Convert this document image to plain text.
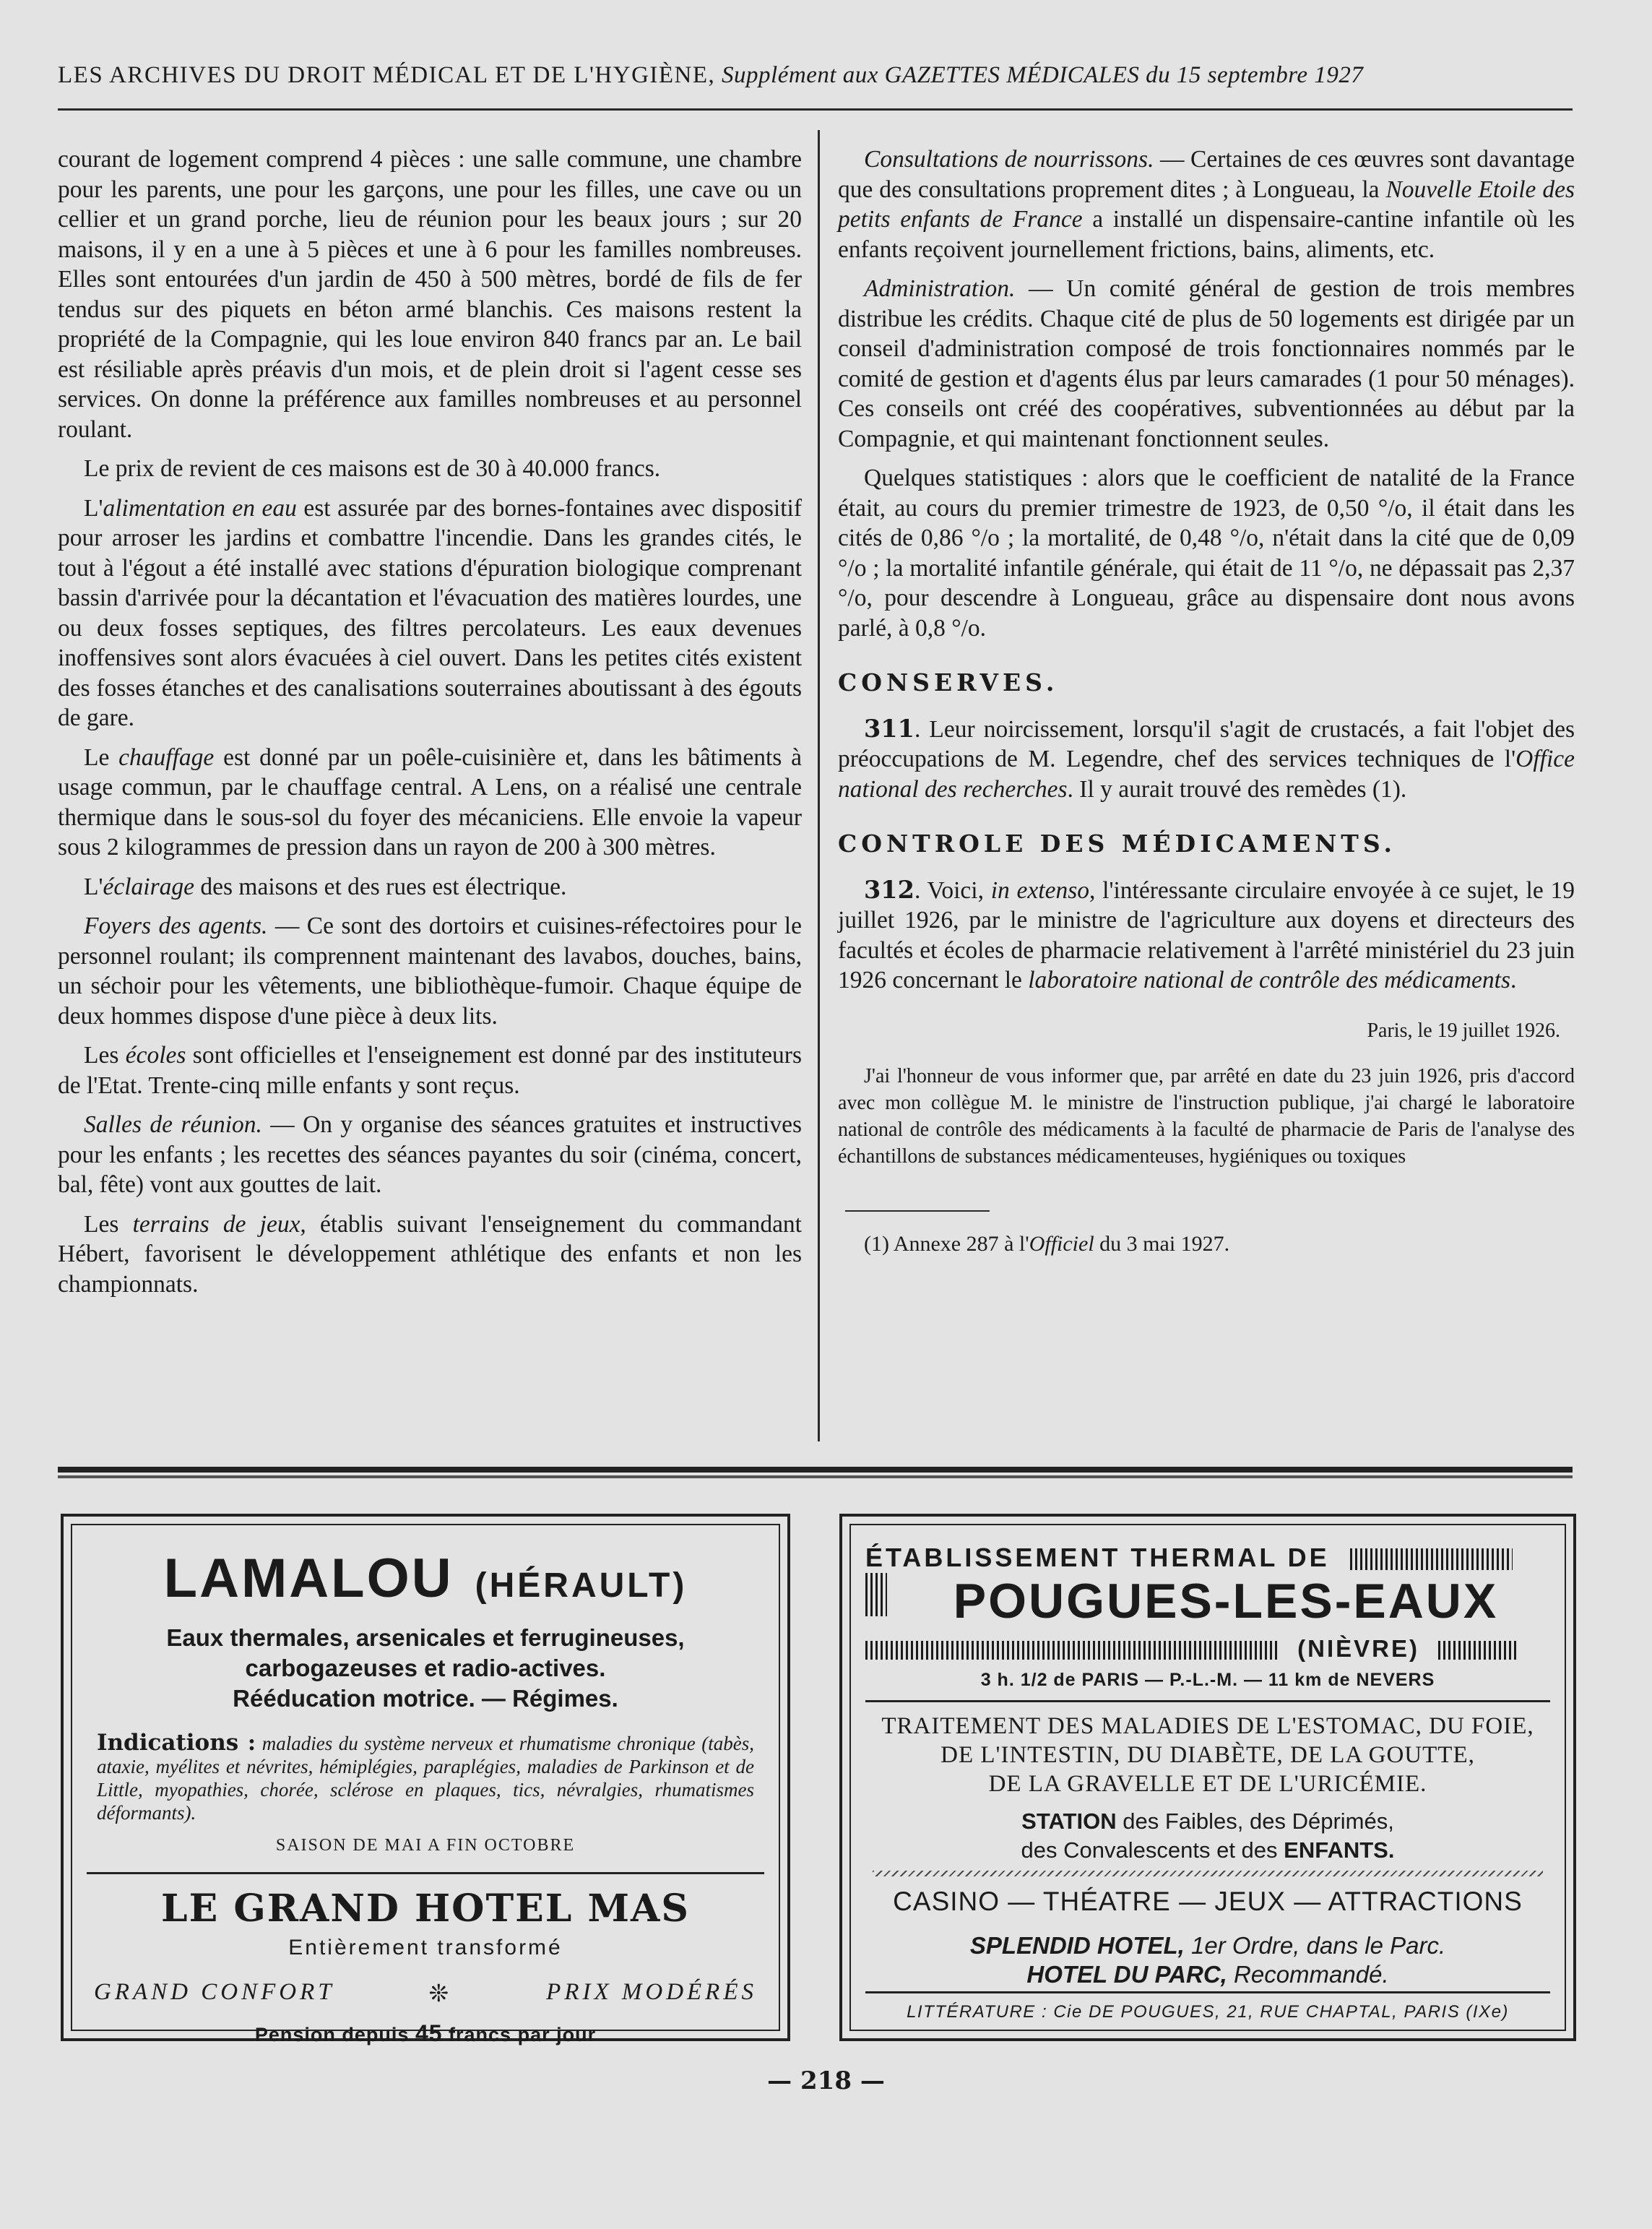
LES ARCHIVES DU DROIT MÉDICAL ET DE L'HYGIÈNE, Supplément aux GAZETTES MÉDICALES du 15 septembre 1927

courant de logement comprend 4 pièces : une salle commune, une chambre pour les parents, une pour les garçons, une pour les filles, une cave ou un cellier et un grand porche, lieu de réunion pour les beaux jours ; sur 20 maisons, il y en a une à 5 pièces et une à 6 pour les familles nombreuses. Elles sont entourées d'un jardin de 450 à 500 mètres, bordé de fils de fer tendus sur des piquets en béton armé blanchis. Ces maisons restent la propriété de la Compagnie, qui les loue environ 840 francs par an. Le bail est résiliable après préavis d'un mois, et de plein droit si l'agent cesse ses services. On donne la préférence aux familles nombreuses et au personnel roulant.

Le prix de revient de ces maisons est de 30 à 40.000 francs.

L'alimentation en eau est assurée par des bornes-fontaines avec dispositif pour arroser les jardins et combattre l'incendie. Dans les grandes cités, le tout à l'égout a été installé avec stations d'épuration biologique comprenant bassin d'arrivée pour la décantation et l'évacuation des matières lourdes, une ou deux fosses septiques, des filtres percolateurs. Les eaux devenues inoffensives sont alors évacuées à ciel ouvert. Dans les petites cités existent des fosses étanches et des canalisations souterraines aboutissant à des égouts de gare.

Le chauffage est donné par un poêle-cuisinière et, dans les bâtiments à usage commun, par le chauffage central. A Lens, on a réalisé une centrale thermique dans le sous-sol du foyer des mécaniciens. Elle envoie la vapeur sous 2 kilogrammes de pression dans un rayon de 200 à 300 mètres.

L'éclairage des maisons et des rues est électrique.

Foyers des agents. — Ce sont des dortoirs et cuisines-réfectoires pour le personnel roulant; ils comprennent maintenant des lavabos, douches, bains, un séchoir pour les vêtements, une bibliothèque-fumoir. Chaque équipe de deux hommes dispose d'une pièce à deux lits.

Les écoles sont officielles et l'enseignement est donné par des instituteurs de l'Etat. Trente-cinq mille enfants y sont reçus.

Salles de réunion. — On y organise des séances gratuites et instructives pour les enfants ; les recettes des séances payantes du soir (cinéma, concert, bal, fête) vont aux gouttes de lait.

Les terrains de jeux, établis suivant l'enseignement du commandant Hébert, favorisent le développement athlétique des enfants et non les championnats.

Consultations de nourrissons. — Certaines de ces œuvres sont davantage que des consultations proprement dites ; à Longueau, la Nouvelle Etoile des petits enfants de France a installé un dispensaire-cantine infantile où les enfants reçoivent journellement frictions, bains, aliments, etc.

Administration. — Un comité général de gestion de trois membres distribue les crédits. Chaque cité de plus de 50 logements est dirigée par un conseil d'administration composé de trois fonctionnaires nommés par le comité de gestion et d'agents élus par leurs camarades (1 pour 50 ménages). Ces conseils ont créé des coopératives, subventionnées au début par la Compagnie, et qui maintenant fonctionnent seules.

Quelques statistiques : alors que le coefficient de natalité de la France était, au cours du premier trimestre de 1923, de 0,50 °/o, il était dans les cités de 0,86 °/o ; la mortalité, de 0,48 °/o, n'était dans la cité que de 0,09 °/o ; la mortalité infantile générale, qui était de 11 °/o, ne dépassait pas 2,37 °/o, pour descendre à Longueau, grâce au dispensaire dont nous avons parlé, à 0,8 °/o.

CONSERVES.

311. Leur noircissement, lorsqu'il s'agit de crustacés, a fait l'objet des préoccupations de M. Legendre, chef des services techniques de l'Office national des recherches. Il y aurait trouvé des remèdes (1).

CONTROLE DES MÉDICAMENTS.

312. Voici, in extenso, l'intéressante circulaire envoyée à ce sujet, le 19 juillet 1926, par le ministre de l'agriculture aux doyens et directeurs des facultés et écoles de pharmacie relativement à l'arrêté ministériel du 23 juin 1926 concernant le laboratoire national de contrôle des médicaments.

Paris, le 19 juillet 1926.

J'ai l'honneur de vous informer que, par arrêté en date du 23 juin 1926, pris d'accord avec mon collègue M. le ministre de l'instruction publique, j'ai chargé le laboratoire national de contrôle des médicaments à la faculté de pharmacie de Paris de l'analyse des échantillons de substances médicamenteuses, hygiéniques ou toxiques

(1) Annexe 287 à l'Officiel du 3 mai 1927.

LAMALOU (HÉRAULT)
Eaux thermales, arsenicales et ferrugineuses, carbogazeuses et radio-actives.
Rééducation motrice. — Régimes.
Indications : maladies du système nerveux et rhumatisme chronique (tabès, ataxie, myélites et névrites, hémiplégies, paraplégies, maladies de Parkinson et de Little, myopathies, chorée, sclérose en plaques, tics, névralgies, rhumatismes déformants).
SAISON DE MAI A FIN OCTOBRE
LE GRAND HOTEL MAS
Entièrement transformé
GRAND CONFORT	❊	PRIX MODÉRÉS
Pension depuis 45 francs par jour
ÉTABLISSEMENT THERMAL DE
POUGUES-LES-EAUX
(NIÈVRE)
3 h. 1/2 de PARIS — P.-L.-M. — 11 km de NEVERS
TRAITEMENT DES MALADIES DE L'ESTOMAC, DU FOIE,
DE L'INTESTIN, DU DIABÈTE, DE LA GOUTTE,
DE LA GRAVELLE ET DE L'URICÉMIE.
STATION des Faibles, des Déprimés,
des Convalescents et des ENFANTS.
CASINO — THÉATRE — JEUX — ATTRACTIONS
SPLENDID HOTEL, 1er Ordre, dans le Parc.
HOTEL DU PARC, Recommandé.
LITTÉRATURE : Cie DE POUGUES, 21, RUE CHAPTAL, PARIS (IXe)
— 218 —
